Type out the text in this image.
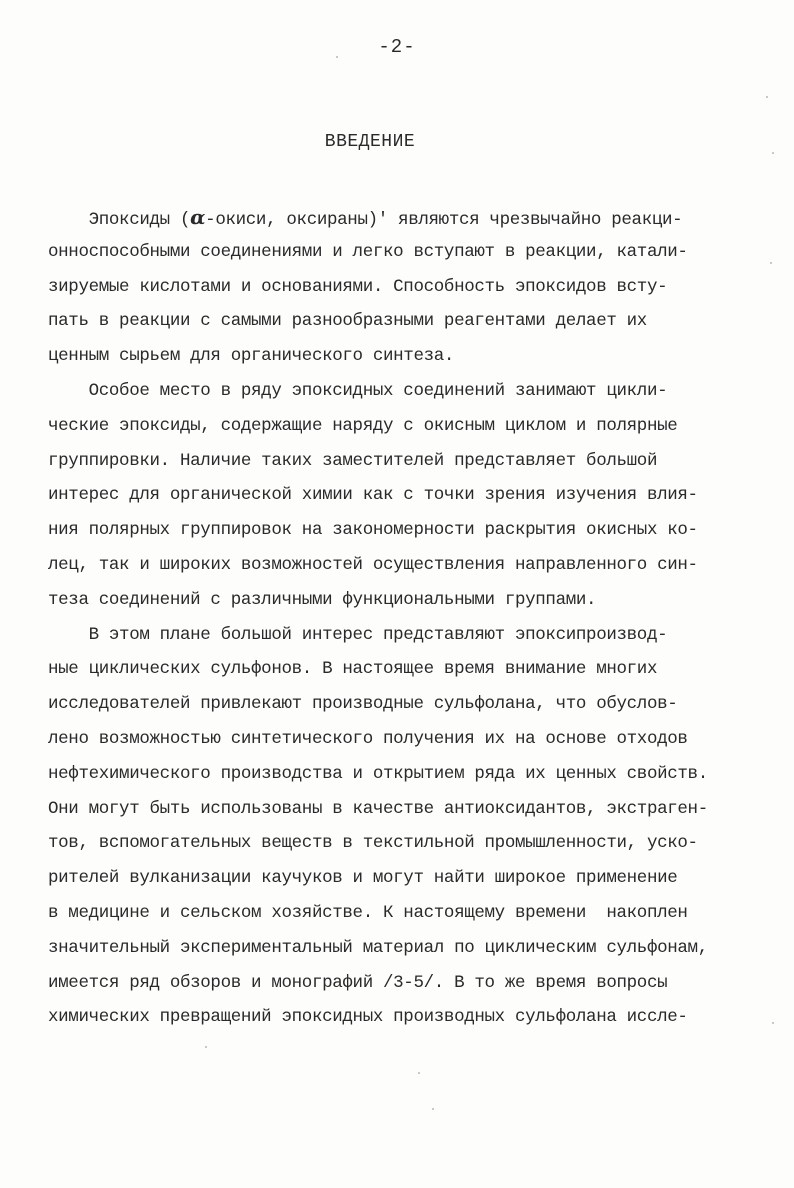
-2-
ВВЕДЕНИЕ
Эпоксиды (α-окиси, оксираны)' являются чрезвычайно реакци-
онноспособными соединениями и легко вступают в реакции, катали-
зируемые кислотами и основаниями. Способность эпоксидов всту-
пать в реакции с самыми разнообразными реагентами делает их
ценным сырьем для органического синтеза.
Особое место в ряду эпоксидных соединений занимают цикли-
ческие эпоксиды, содержащие наряду с окисным циклом и полярные
группировки. Наличие таких заместителей представляет большой
интерес для органической химии как с точки зрения изучения влия-
ния полярных группировок на закономерности раскрытия окисных ко-
лец, так и широких возможностей осуществления направленного син-
теза соединений с различными функциональными группами.
В этом плане большой интерес представляют эпоксипроизвод-
ные циклических сульфонов. В настоящее время внимание многих
исследователей привлекают производные сульфолана, что обуслов-
лено возможностью синтетического получения их на основе отходов
нефтехимического производства и открытием ряда их ценных свойств.
Они могут быть использованы в качестве антиоксидантов, экстраген-
тов, вспомогательных веществ в текстильной промышленности, уско-
рителей вулканизации каучуков и могут найти широкое применение
в медицине и сельском хозяйстве. К настоящему времени  накоплен
значительный экспериментальный материал по циклическим сульфонам,
имеется ряд обзоров и монографий /3-5/. В то же время вопросы
химических превращений эпоксидных производных сульфолана иссле-
